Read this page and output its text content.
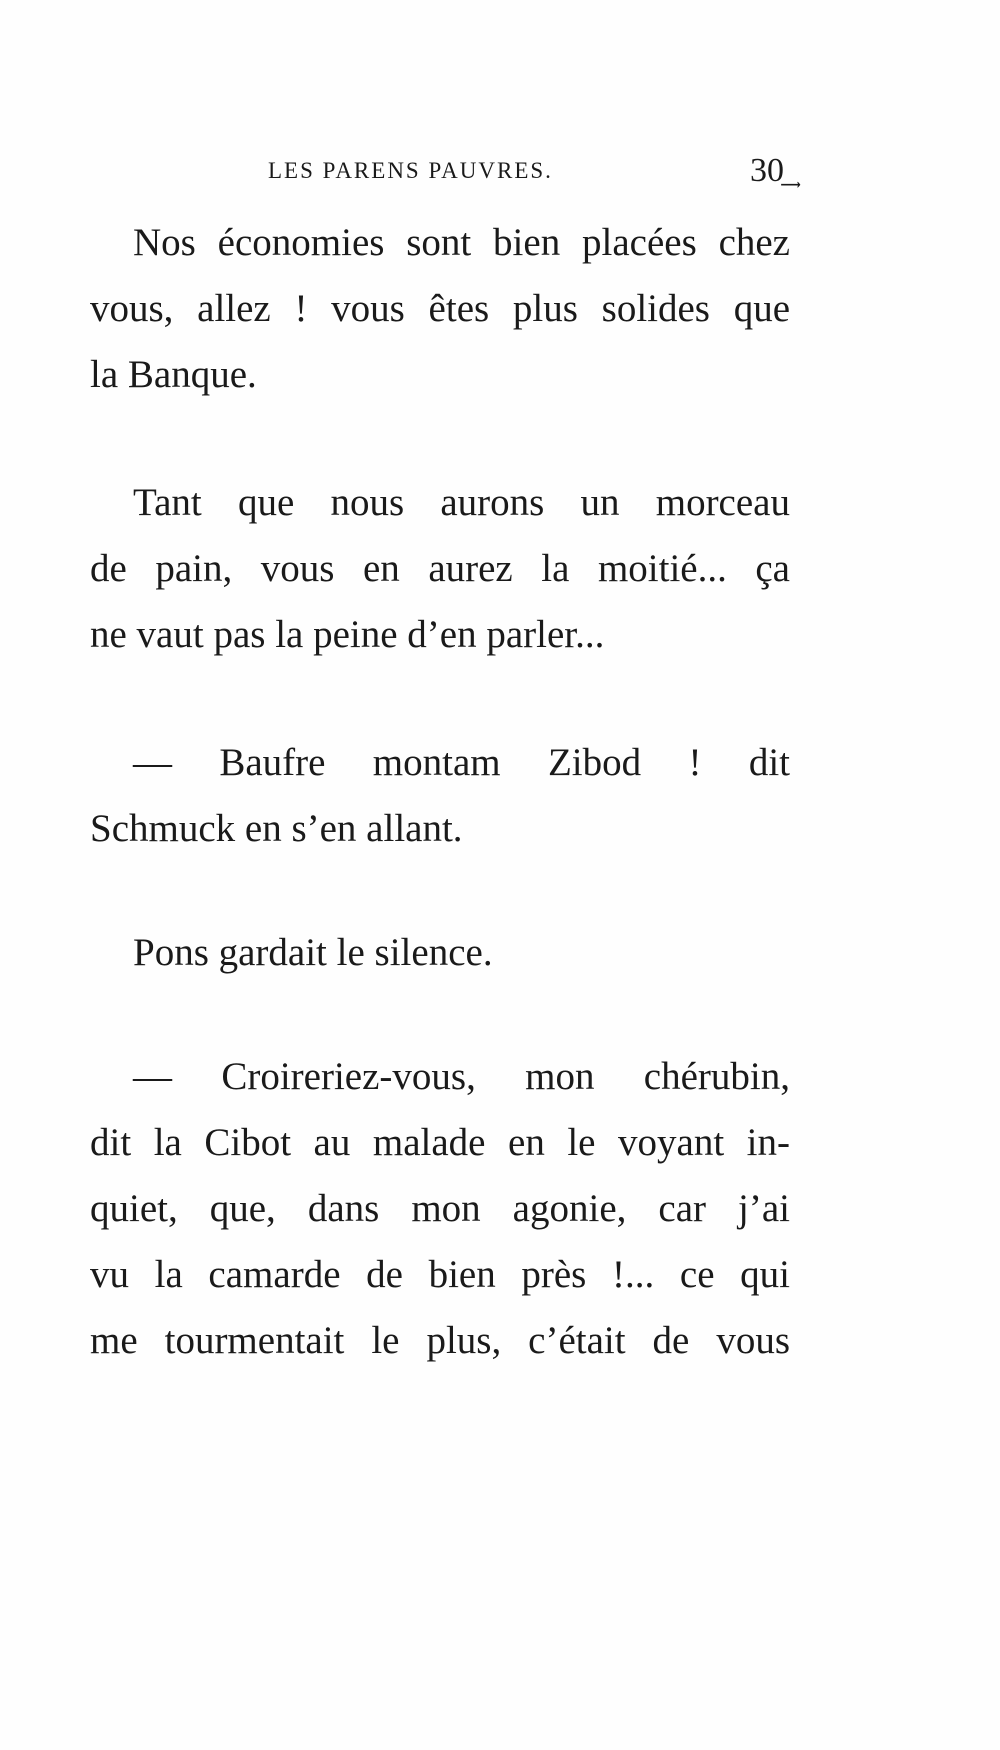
LES PARENS PAUVRES.	30͢
Nos économies sont bien placées chez
vous, allez ! vous êtes plus solides que
la Banque.
Tant que nous aurons un morceau
de pain, vous en aurez la moitié... ça
ne vaut pas la peine d’en parler...
— Baufre montam Zibod ! dit
Schmuck en s’en allant.
Pons gardait le silence.
— Croireriez-vous, mon chérubin,
dit la Cibot au malade en le voyant in-
quiet, que, dans mon agonie, car j’ai
vu la camarde de bien près !... ce qui
me tourmentait le plus, c’était de vous
